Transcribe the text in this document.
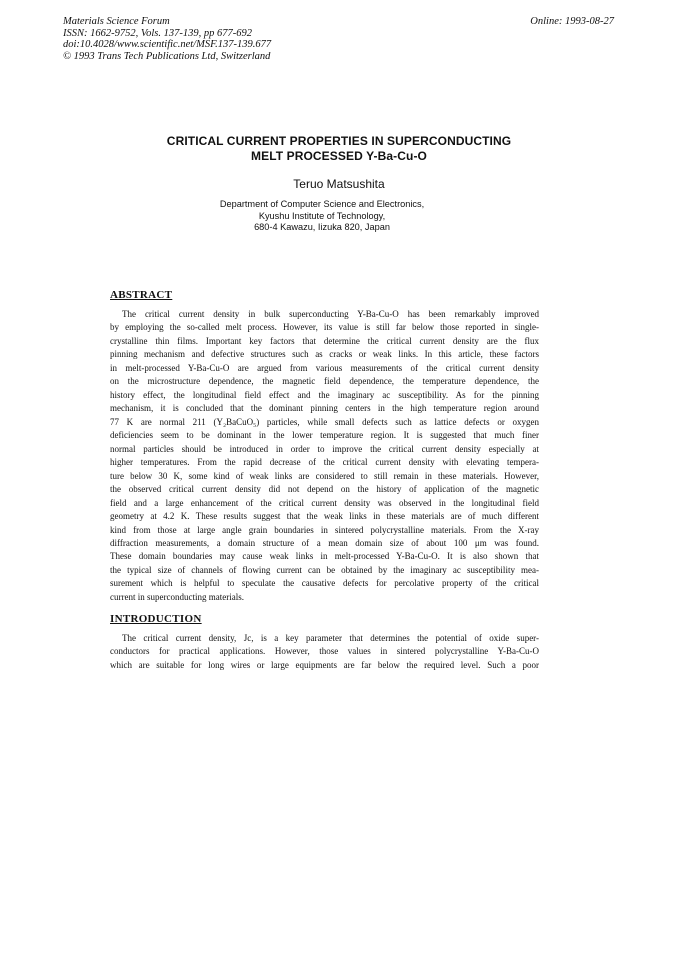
Materials Science Forum
ISSN: 1662-9752, Vols. 137-139, pp 677-692
doi:10.4028/www.scientific.net/MSF.137-139.677
© 1993 Trans Tech Publications Ltd, Switzerland
Online: 1993-08-27
CRITICAL CURRENT PROPERTIES IN SUPERCONDUCTING
MELT PROCESSED Y-Ba-Cu-O
Teruo Matsushita
Department of Computer Science and Electronics,
Kyushu Institute of Technology,
680-4 Kawazu, Iizuka 820, Japan
ABSTRACT
The critical current density in bulk superconducting Y-Ba-Cu-O has been remarkably improved
by employing the so-called melt process. However, its value is still far below those reported in single-
crystalline thin films. Important key factors that determine the critical current density are the flux
pinning mechanism and defective structures such as cracks or weak links. In this article, these factors
in melt-processed Y-Ba-Cu-O are argued from various measurements of the critical current density
on the microstructure dependence, the magnetic field dependence, the temperature dependence, the
history effect, the longitudinal field effect and the imaginary ac susceptibility. As for the pinning
mechanism, it is concluded that the dominant pinning centers in the high temperature region around
77 K are normal 211 (Y₂BaCuO₅) particles, while small defects such as lattice defects or oxygen
deficiencies seem to be dominant in the lower temperature region. It is suggested that much finer
normal particles should be introduced in order to improve the critical current density especially at
higher temperatures. From the rapid decrease of the critical current density with elevating tempera-
ture below 30 K, some kind of weak links are considered to still remain in these materials. However,
the observed critical current density did not depend on the history of application of the magnetic
field and a large enhancement of the critical current density was observed in the longitudinal field
geometry at 4.2 K. These results suggest that the weak links in these materials are of much different
kind from those at large angle grain boundaries in sintered polycrystalline materials. From the X-ray
diffraction measurements, a domain structure of a mean domain size of about 100 μm was found.
These domain boundaries may cause weak links in melt-processed Y-Ba-Cu-O. It is also shown that
the typical size of channels of flowing current can be obtained by the imaginary ac susceptibility mea-
surement which is helpful to speculate the causative defects for percolative property of the critical
current in superconducting materials.
INTRODUCTION
The critical current density, Jc, is a key parameter that determines the potential of oxide super-
conductors for practical applications. However, those values in sintered polycrystalline Y-Ba-Cu-O
which are suitable for long wires or large equipments are far below the required level. Such a poor
